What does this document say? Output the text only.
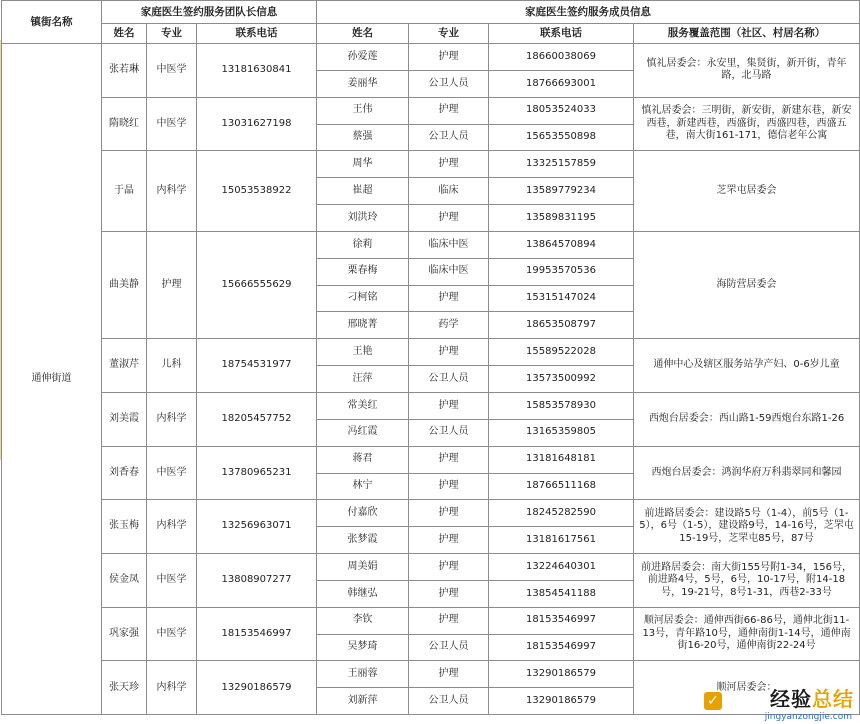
镇街名称	家庭医生签约服务团队长信息			家庭医生签约服务成员信息			
	姓名	专业	联系电话	姓名	专业	联系电话	服务覆盖范围（社区、村居名称）
通伸街道	张若琳	中医学	13181630841	孙爱莲	护理	18660038069	慎礼居委会：永安里，集贤街，新开街，青年路，北马路
				姜丽华	公卫人员	18766693001	
	隋晓红	中医学	13031627198	王伟	护理	18053524033	慎礼居委会：三明街，新安街，新建东巷，新安西巷，新建西巷，西盛街，西盛四巷，西盛五巷，南大街161-171，德信老年公寓
				蔡强	公卫人员	15653550898	
	于晶	内科学	15053538922	周华	护理	13325157859	芝罘屯居委会
				崔超	临床	13589779234	
				刘洪玲	护理	13589831195	
	曲美静	护理	15666555629	徐莉	临床中医	13864570894	海防营居委会
				栗春梅	临床中医	19953570536	
				刁柯铭	护理	15315147024	
				邢晓菁	药学	18653508797	
	董淑芹	儿科	18754531977	王艳	护理	15589522028	通伸中心及辖区服务站孕产妇、0-6岁儿童
				汪萍	公卫人员	13573500992	
	刘美霞	内科学	18205457752	常美红	护理	15853578930	西炮台居委会：西山路1-59西炮台东路1-26
				冯红霞	公卫人员	13165359805	
	刘香春	中医学	13780965231	蒋君	护理	13181648181	西炮台居委会：鸿润华府万科翡翠同和馨园
				林宁	护理	18766511168	
	张玉梅	内科学	13256963071	付嘉欣	护理	18245282590	前进路居委会：建设路5号（1-4），前5号（1-5），6号（1-5），建设路9号，14-16号，芝罘屯15-19号，芝罘屯85号，87号
				张梦霞	护理	13181617561	
	侯金凤	中医学	13808907277	周美娟	护理	13224640301	前进路居委会：南大街155号附1-34，156号，前进路4号，5号，6号，10-17号，附14-18号，19-21号，8号1-31，西巷2-33号
				韩继弘	护理	13854541188	
	巩家强	中医学	18153546997	李钦	护理	18153546997	顺河居委会：通伸西街66-86号，通伸北街11-13号，青年路10号，通伸南街1-14号，通伸南街16-20号，通伸南街22-24号
				吴梦琦	公卫人员	18153546997	
	张天珍	内科学	13290186579	王丽蓉	护理	13290186579	顺河居委会：
				刘新萍	公卫人员	13290186579		✓	经验总结
jingyanzongjie.com
